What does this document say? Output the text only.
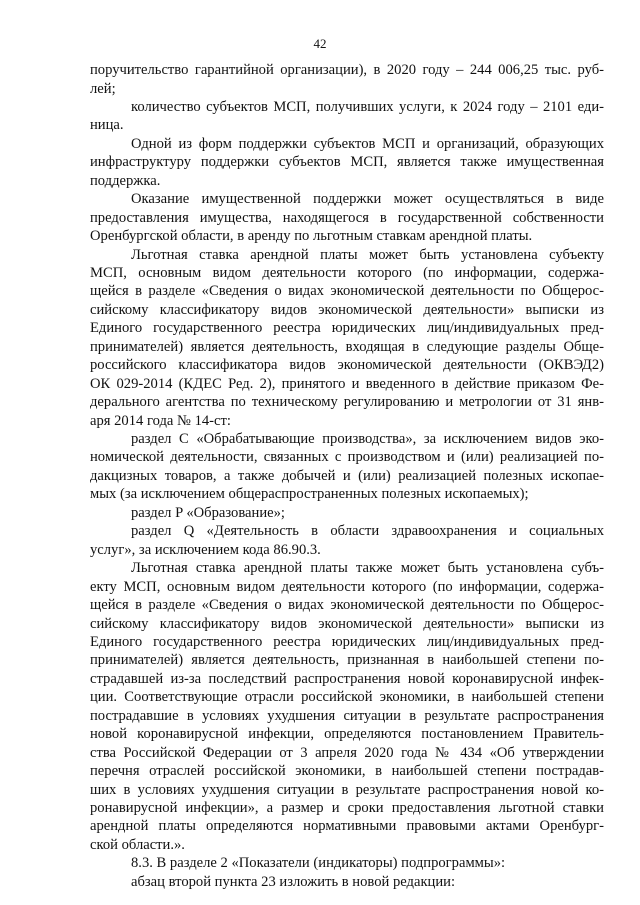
42
поручительство гарантийной организации), в 2020 году – 244 006,25 тыс. руб-
лей;
количество субъектов МСП, получивших услуги, к 2024 году – 2101 еди-
ница.
Одной из форм поддержки субъектов МСП и организаций, образующих
инфраструктуру поддержки субъектов МСП, является также имущественная
поддержка.
Оказание имущественной поддержки может осуществляться в виде
предоставления имущества, находящегося в государственной собственности
Оренбургской области, в аренду по льготным ставкам арендной платы.
Льготная ставка арендной платы может быть установлена субъекту
МСП, основным видом деятельности которого (по информации, содержа-
щейся в разделе «Сведения о видах экономической деятельности по Общерос-
сийскому классификатору видов экономической деятельности» выписки из
Единого государственного реестра юридических лиц/индивидуальных пред-
принимателей) является деятельность, входящая в следующие разделы Обще-
российского классификатора видов экономической деятельности (ОКВЭД2)
ОК 029-2014 (КДЕС Ред. 2), принятого и введенного в действие приказом Фе-
дерального агентства по техническому регулированию и метрологии от 31 янв-
аря 2014 года № 14-ст:
раздел C «Обрабатывающие производства», за исключением видов эко-
номической деятельности, связанных с производством и (или) реализацией по-
дакцизных товаров, а также добычей и (или) реализацией полезных ископае-
мых (за исключением общераспространенных полезных ископаемых);
раздел P «Образование»;
раздел Q «Деятельность в области здравоохранения и социальных
услуг», за исключением кода 86.90.3.
Льготная ставка арендной платы также может быть установлена субъ-
екту МСП, основным видом деятельности которого (по информации, содержа-
щейся в разделе «Сведения о видах экономической деятельности по Общерос-
сийскому классификатору видов экономической деятельности» выписки из
Единого государственного реестра юридических лиц/индивидуальных пред-
принимателей) является деятельность, признанная в наибольшей степени по-
страдавшей из-за последствий распространения новой коронавирусной инфек-
ции. Соответствующие отрасли российской экономики, в наибольшей степени
пострадавшие в условиях ухудшения ситуации в результате распространения
новой коронавирусной инфекции, определяются постановлением Правитель-
ства Российской Федерации от 3 апреля 2020 года № 434 «Об утверждении
перечня отраслей российской экономики, в наибольшей степени пострадав-
ших в условиях ухудшения ситуации в результате распространения новой ко-
ронавирусной инфекции», а размер и сроки предоставления льготной ставки
арендной платы определяются нормативными правовыми актами Оренбург-
ской области.».
8.3. В разделе 2 «Показатели (индикаторы) подпрограммы»:
абзац второй пункта 23 изложить в новой редакции:
